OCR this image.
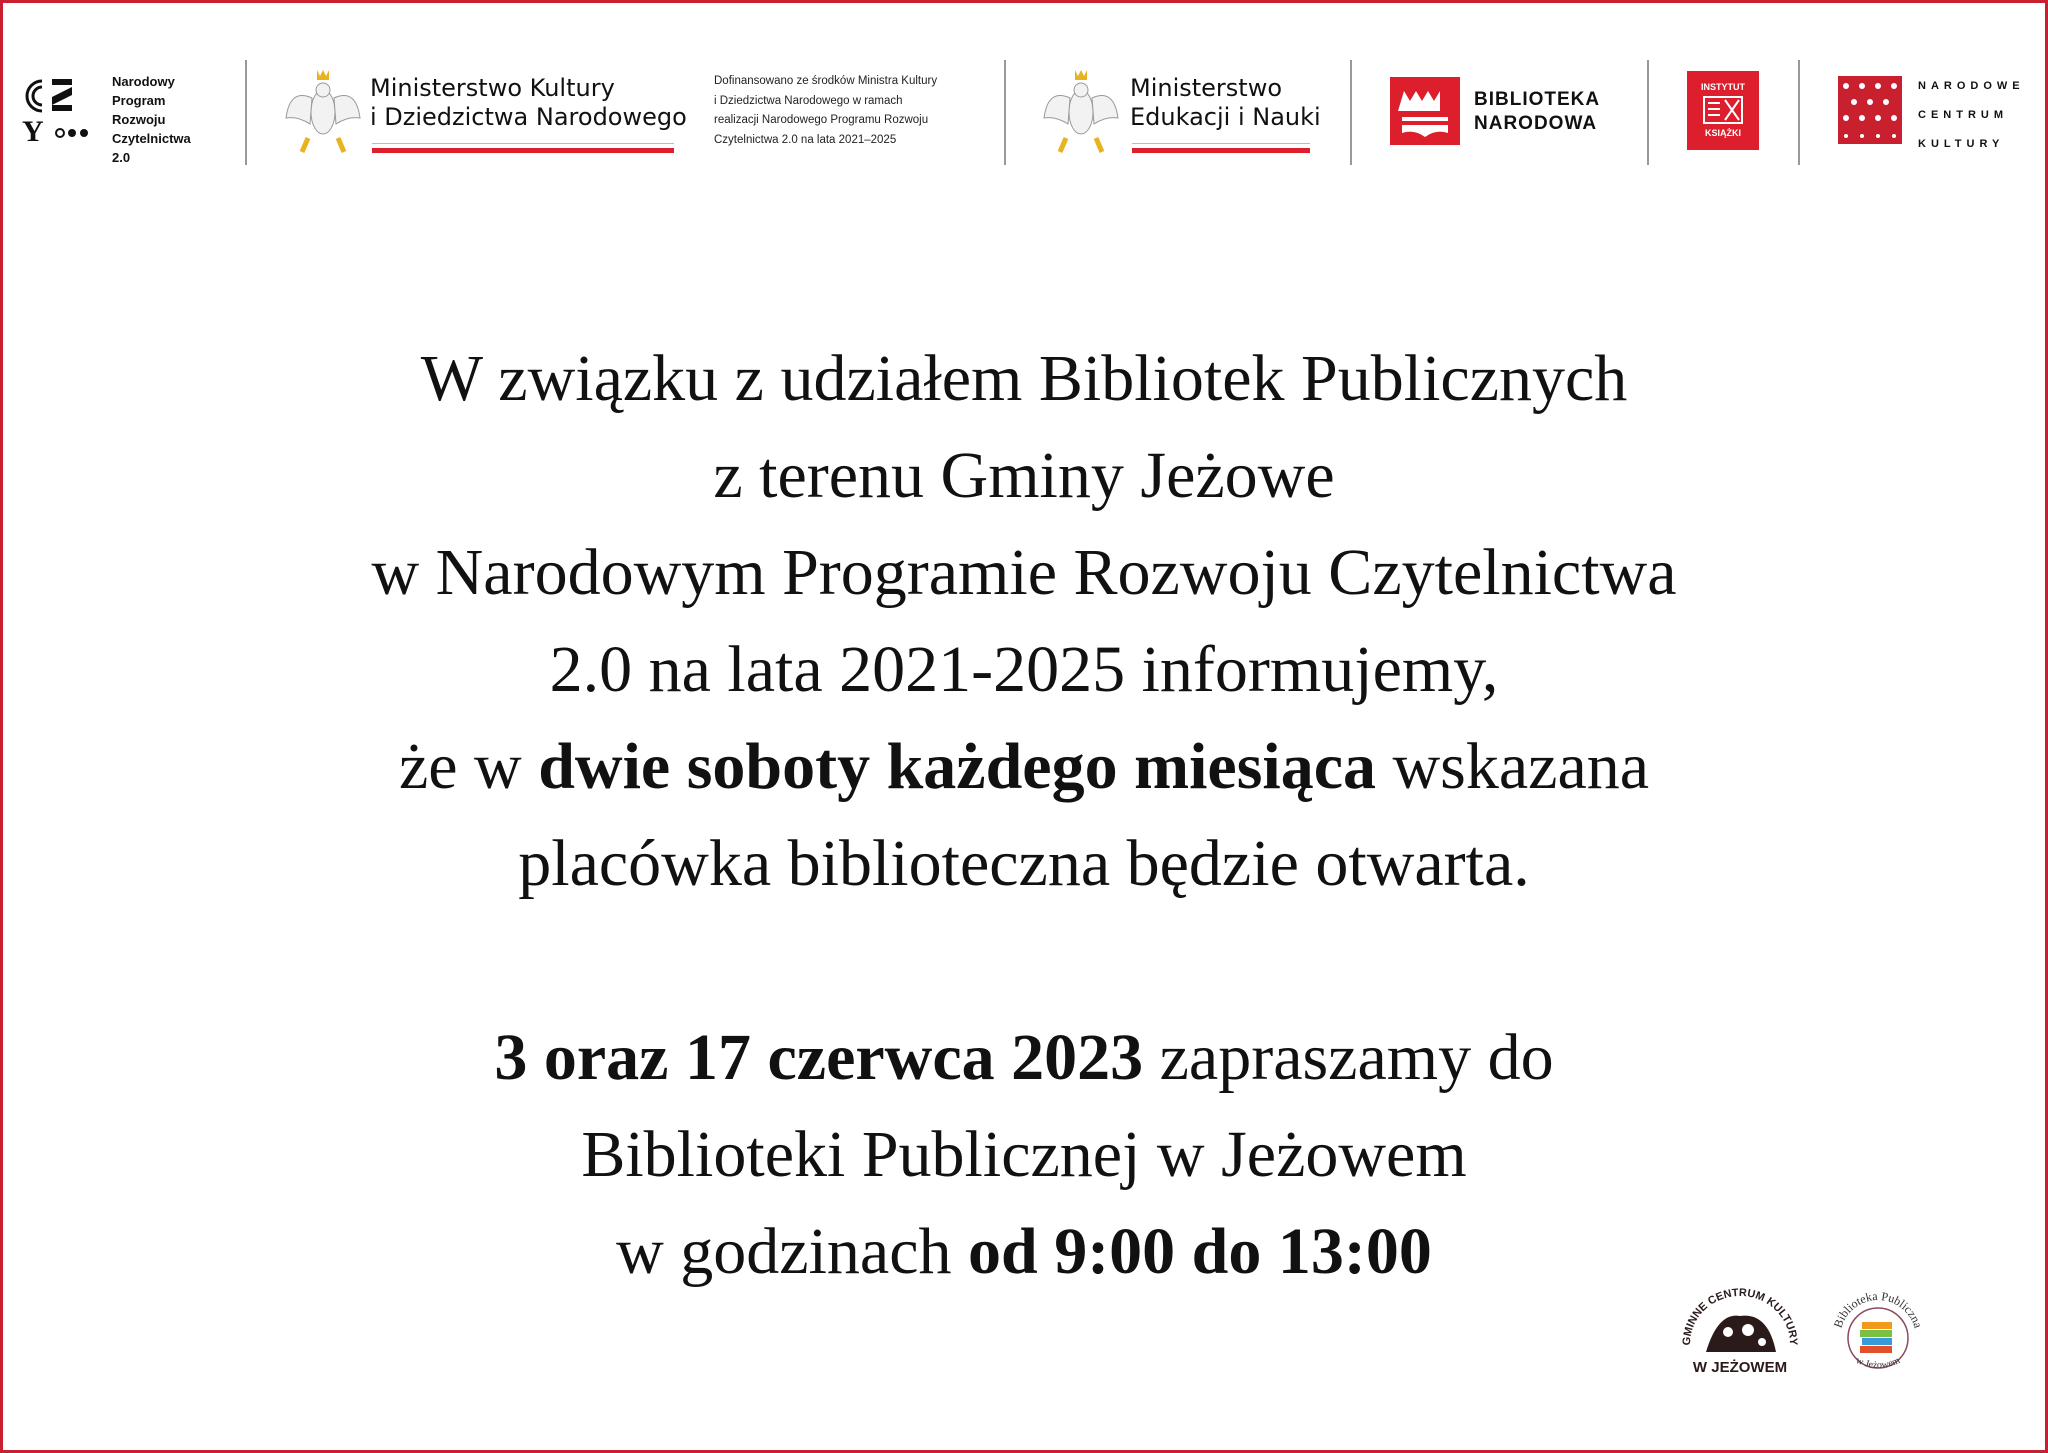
Y
Narodowy
Program
Rozwoju
Czytelnictwa
2.0
Ministerstwo Kultury
i Dziedzictwa Narodowego
Dofinansowano ze środków Ministra Kultury
i Dziedzictwa Narodowego w ramach
realizacji Narodowego Programu Rozwoju
Czytelnictwa 2.0 na lata 2021–2025
Ministerstwo
Edukacji i Nauki
BIBLIOTEKA
NARODOWA
INSTYTUT
KSIĄŻKI
NARODOWE
CENTRUM
KULTURY

W związku z udziałem Bibliotek Publicznych

z terenu Gminy Jeżowe

w Narodowym Programie Rozwoju Czytelnictwa

2.0 na lata 2021-2025 informujemy,

że w dwie soboty każdego miesiąca wskazana

placówka biblioteczna będzie otwarta.

3 oraz 17 czerwca 2023 zapraszamy do

Biblioteki Publicznej w Jeżowem

w godzinach od 9:00 do 13:00

GMINNE CENTRUM KULTURY
W JEŻOWEM
Biblioteka Publiczna
w Jeżowem
